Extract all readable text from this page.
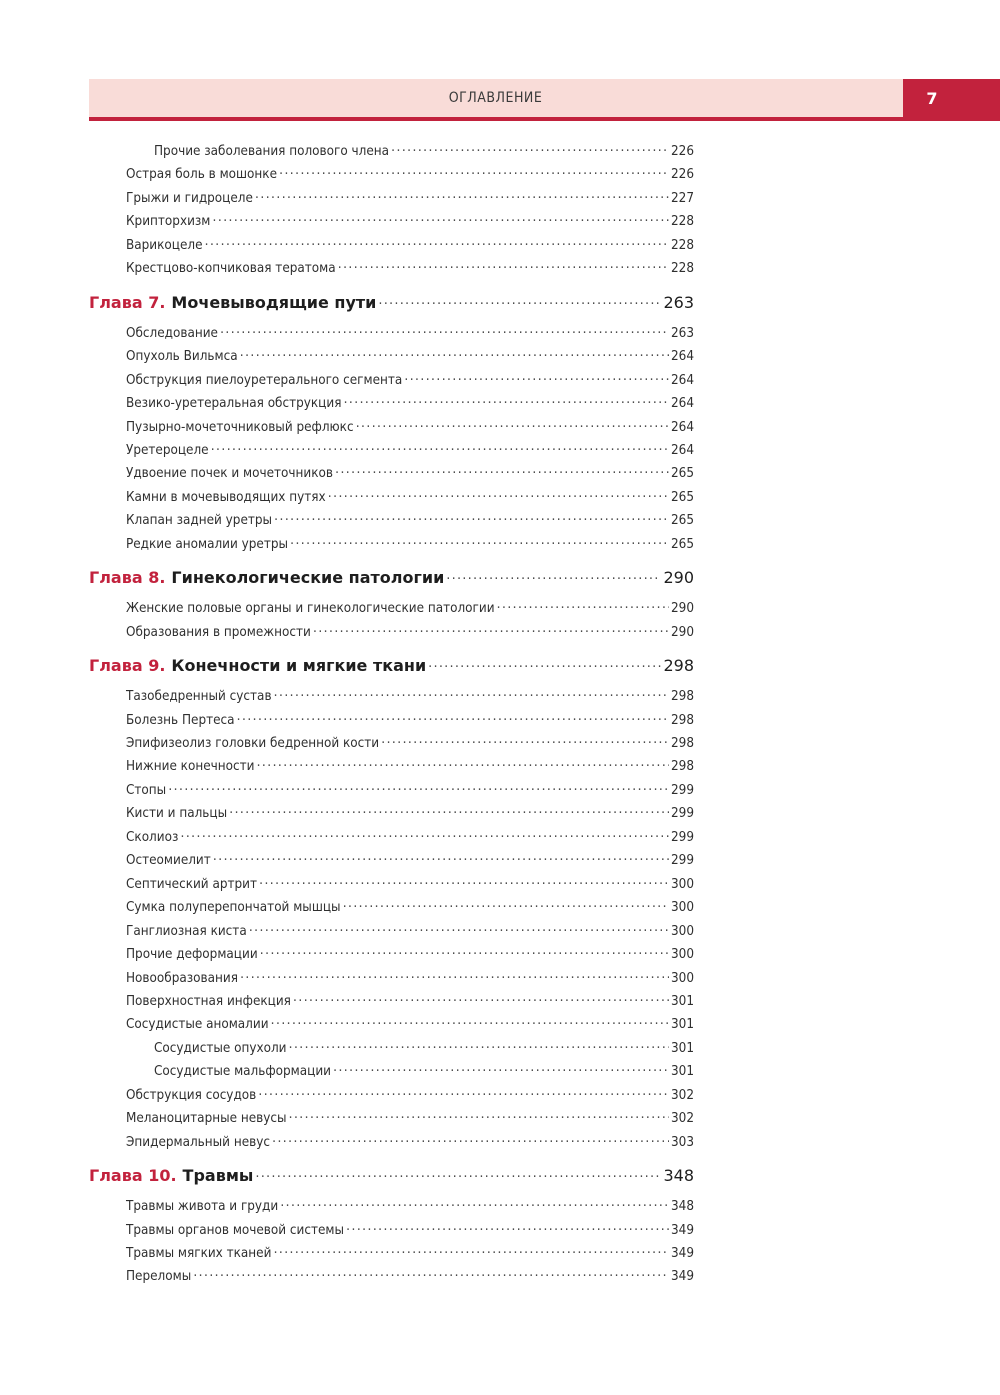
ОГЛАВЛЕНИЕ	7
Прочие заболевания полового члена .....	226
Острая боль в мошонке .....	226
Грыжи и гидроцеле .....	227
Крипторхизм .....	228
Варикоцеле .....	228
Крестцово-копчиковая тератома .....	228
Глава 7. Мочевыводящие пути .....	263
Обследование .....	263
Опухоль Вильмса .....	264
Обструкция пиелоуретерального сегмента .....	264
Везико-уретеральная обструкция .....	264
Пузырно-мочеточниковый рефлюкс .....	264
Уретероцеле .....	264
Удвоение почек и мочеточников .....	265
Камни в мочевыводящих путях .....	265
Клапан задней уретры .....	265
Редкие аномалии уретры .....	265
Глава 8. Гинекологические патологии .....	290
Женские половые органы и гинекологические патологии .....	290
Образования в промежности .....	290
Глава 9. Конечности и мягкие ткани .....	298
Тазобедренный сустав .....	298
Болезнь Пертеса .....	298
Эпифизеолиз головки бедренной кости .....	298
Нижние конечности .....	298
Стопы .....	299
Кисти и пальцы .....	299
Сколиоз .....	299
Остеомиелит .....	299
Септический артрит .....	300
Сумка полуперепончатой мышцы .....	300
Ганглиозная киста .....	300
Прочие деформации .....	300
Новообразования .....	300
Поверхностная инфекция .....	301
Сосудистые аномалии .....	301
Сосудистые опухоли .....	301
Сосудистые мальформации .....	301
Обструкция сосудов .....	302
Меланоцитарные невусы .....	302
Эпидермальный невус .....	303
Глава 10. Травмы .....	348
Травмы живота и груди .....	348
Травмы органов мочевой системы .....	349
Травмы мягких тканей .....	349
Переломы .....	349
